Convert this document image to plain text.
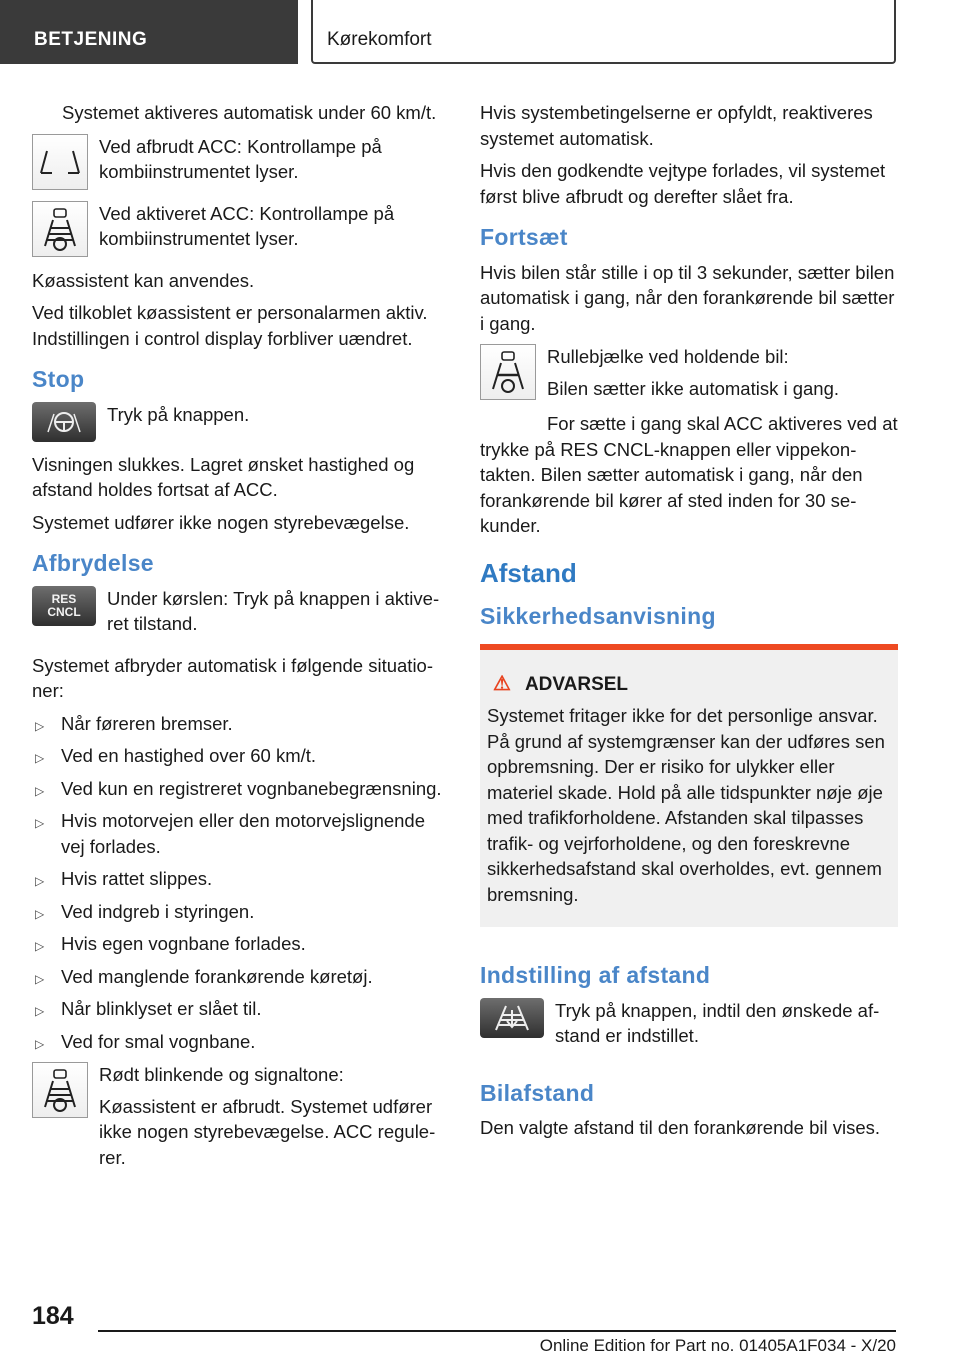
BETJENING	Kørekomfort

Systemet aktiveres automatisk under 60 km/t.

Ved afbrudt ACC: Kontrollampe på kombiinstrumentet lyser.

Ved aktiveret ACC: Kontrollampe på kombiinstrumentet lyser.

Køassistent kan anvendes.

Ved tilkoblet køassistent er personalarmen aktiv. Indstillingen i control display forbliver uændret.

Stop

Tryk på knappen.

Visningen slukkes. Lagret ønsket hastighed og afstand holdes fortsat af ACC.

Systemet udfører ikke nogen styrebevægelse.

Afbrydelse
RES
CNCL

Under kørslen: Tryk på knappen i aktiveret tilstand.

Systemet afbryder automatisk i følgende situationer:

▷ Når føreren bremser.
▷ Ved en hastighed over 60 km/t.
▷ Ved kun en registreret vognbanebegrænsning.
▷ Hvis motorvejen eller den motorvejslignende vej forlades.
▷ Hvis rattet slippes.
▷ Ved indgreb i styringen.
▷ Hvis egen vognbane forlades.
▷ Ved manglende forankørende køretøj.
▷ Når blinklyset er slået til.
▷ Ved for smal vognbane.

Rødt blinkende og signaltone:

Køassistent er afbrudt. Systemet udfører ikke nogen styrebevægelse. ACC regulerer.

Hvis systembetingelserne er opfyldt, reaktiveres systemet automatisk.

Hvis den godkendte vejtype forlades, vil systemet først blive afbrudt og derefter slået fra.

Fortsæt

Hvis bilen står stille i op til 3 sekunder, sætter bilen automatisk i gang, når den forankørende bil sætter i gang.

Rullebjælke ved holdende bil:

Bilen sætter ikke automatisk i gang.

For sætte i gang skal ACC aktiveres ved at trykke på RES CNCL-knappen eller vippekontakten. Bilen sætter automatisk i gang, når den forankørende bil kører af sted inden for 30 sekunder.

Afstand
Sikkerhedsanvisning
⚠ ADVARSEL

Systemet fritager ikke for det personlige ansvar. På grund af systemgrænser kan der udføres sen opbremsning. Der er risiko for ulykker eller materiel skade. Hold på alle tidspunkter nøje øje med trafikforholdene. Afstanden skal tilpasses trafik- og vejrforholdene, og den foreskrevne sikkerhedsafstand skal overholdes, evt. gennem bremsning.

Indstilling af afstand

Tryk på knappen, indtil den ønskede afstand er indstillet.

Bilafstand

Den valgte afstand til den forankørende bil vises.

184
Online Edition for Part no. 01405A1F034 - X/20
